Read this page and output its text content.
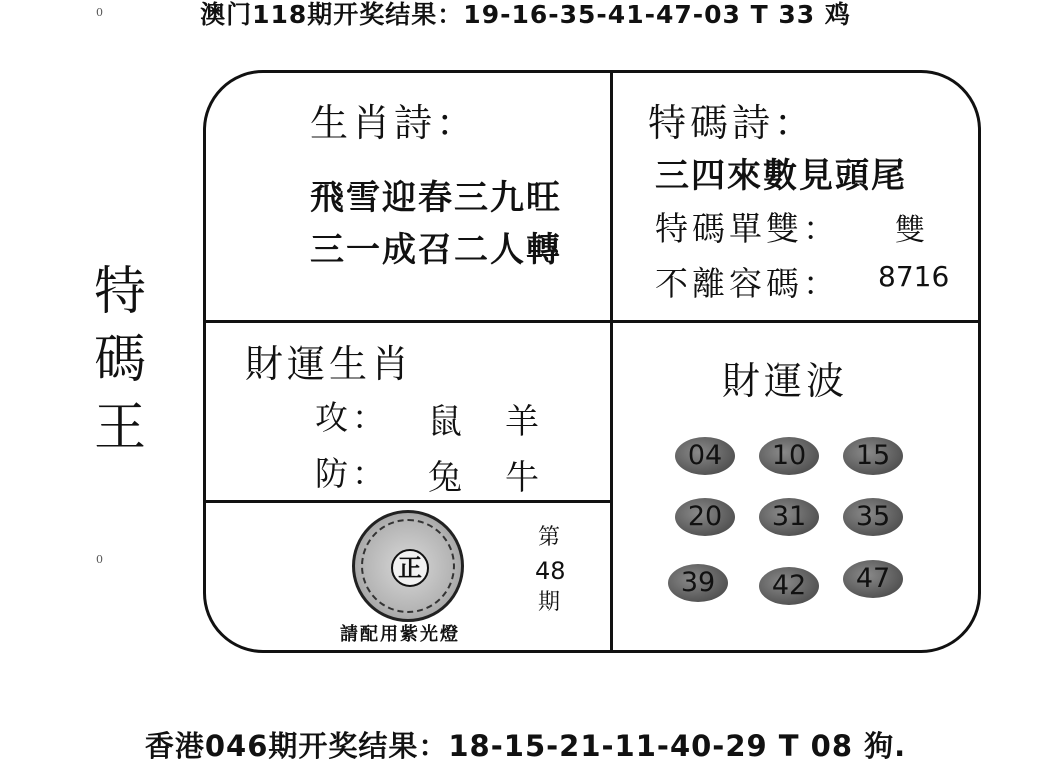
澳门118期开奖结果：19-16-35-41-47-03 T 33 鸡
0
0
特
碼
王
生肖詩：
飛雪迎春三九旺
三一成召二人轉
特碼詩：
三四來數見頭尾
特碼單雙： 雙
不離容碼： 8716
財運生肖
攻： 鼠 羊
防： 兔 牛
財運波
04	10	15
20	31	35
39	42	47
正
請配用紫光燈
第
48
期
香港046期开奖结果：18-15-21-11-40-29 T 08 狗.
